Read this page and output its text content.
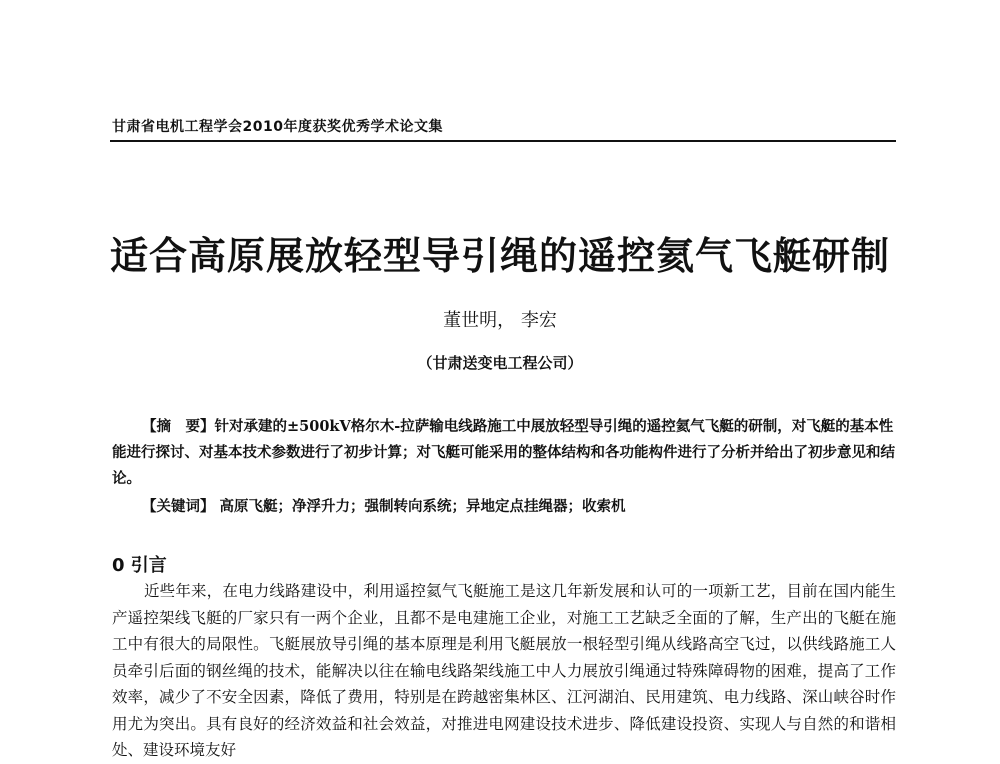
甘肃省电机工程学会2010年度获奖优秀学术论文集
适合高原展放轻型导引绳的遥控氦气飞艇研制
董世明， 李宏
（甘肃送变电工程公司）

【摘　要】针对承建的±500kV格尔木-拉萨输电线路施工中展放轻型导引绳的遥控氦气飞艇的研制，对飞艇的基本性能进行探讨、对基本技术参数进行了初步计算；对飞艇可能采用的整体结构和各功能构件进行了分析并给出了初步意见和结论。

【关键词】 高原飞艇；净浮升力；强制转向系统；异地定点挂绳器；收索机

0 引言

近些年来，在电力线路建设中，利用遥控氦气飞艇施工是这几年新发展和认可的一项新工艺，目前在国内能生产遥控架线飞艇的厂家只有一两个企业，且都不是电建施工企业，对施工工艺缺乏全面的了解，生产出的飞艇在施工中有很大的局限性。飞艇展放导引绳的基本原理是利用飞艇展放一根轻型引绳从线路高空飞过，以供线路施工人员牵引后面的钢丝绳的技术，能解决以往在输电线路架线施工中人力展放引绳通过特殊障碍物的困难，提高了工作效率，减少了不安全因素，降低了费用，特别是在跨越密集林区、江河湖泊、民用建筑、电力线路、深山峡谷时作用尤为突出。具有良好的经济效益和社会效益，对推进电网建设技术进步、降低建设投资、实现人与自然的和谐相处、建设环境友好
